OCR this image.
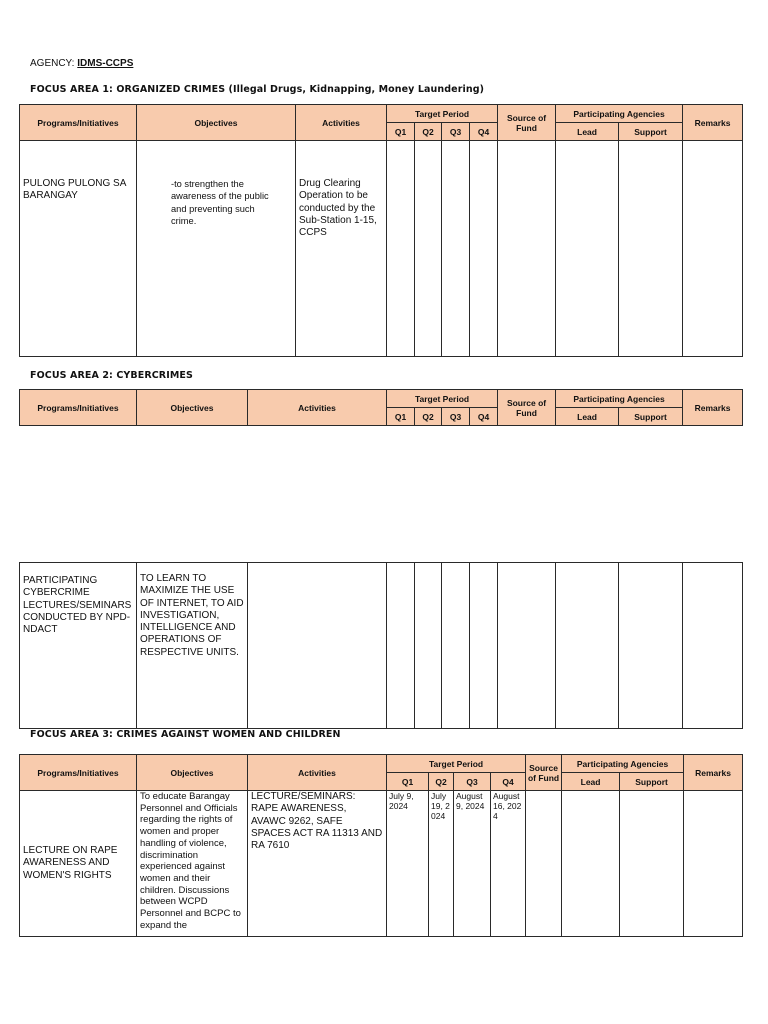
AGENCY: IDMS-CCPS
FOCUS AREA 1: ORGANIZED CRIMES (Illegal Drugs, Kidnapping, Money Laundering)
Programs/Initiatives	Objectives	Activities	Target Period				Source of Fund	Participating Agencies		Remarks
			Q1	Q2	Q3	Q4		Lead	Support	
PULONG PULONG SA BARANGAY	-to strengthen the awareness of the public and preventing such crime.	Drug Clearing Operation to be conducted by the Sub-Station 1-15, CCPS								
FOCUS AREA 2: CYBERCRIMES
Programs/Initiatives	Objectives	Activities	Target Period				Source of Fund	Participating Agencies		Remarks
			Q1	Q2	Q3	Q4		Lead	Support	
PARTICIPATING CYBERCRIME LECTURES/SEMINARS CONDUCTED BY NPD-NDACT	TO LEARN TO MAXIMIZE THE USE OF INTERNET, TO AID INVESTIGATION, INTELLIGENCE AND OPERATIONS OF RESPECTIVE UNITS.									
FOCUS AREA 3: CRIMES AGAINST WOMEN AND CHILDREN
Programs/Initiatives	Objectives	Activities	Target Period				Source of Fund	Participating Agencies		Remarks
			Q1	Q2	Q3	Q4		Lead	Support	
LECTURE ON RAPE AWARENESS AND WOMEN'S RIGHTS	To educate Barangay Personnel and Officials regarding the rights of women and proper handling of violence, discrimination experienced against women and their children. Discussions between WCPD Personnel and BCPC to expand the	LECTURE/SEMINARS: RAPE AWARENESS, AVAWC 9262, SAFE SPACES ACT RA 11313 AND RA 7610	July 9, 2024	July 19, 2024	August 9, 2024	August 16, 2024				
